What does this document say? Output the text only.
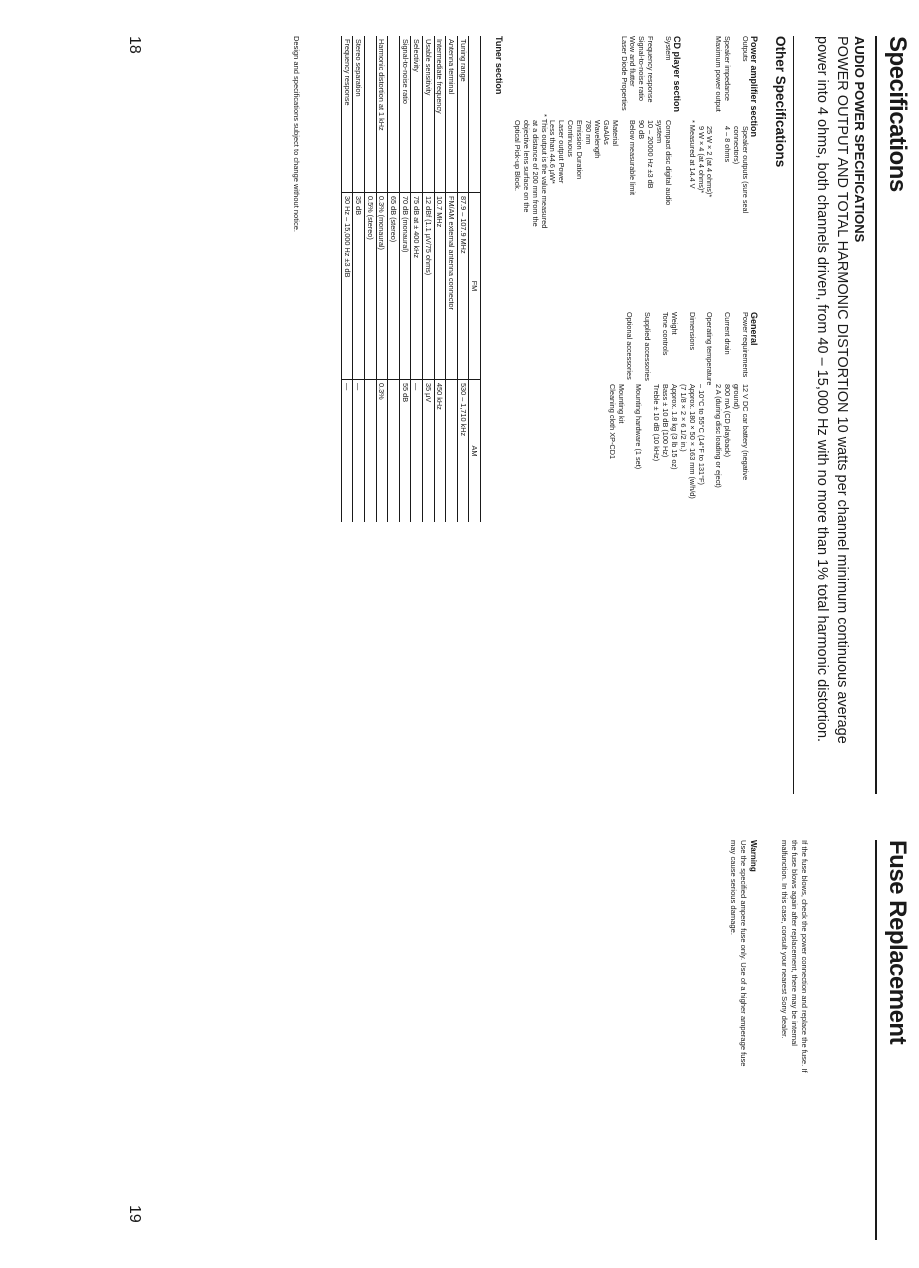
Specifications
AUDIO POWER SPECIFICATIONS
POWER OUTPUT AND TOTAL HARMONIC DISTORTION 10 watts per channel minimum continuous average power into 4 ohms, both channels driven, from 40 – 15,000 Hz with no more than 1% total harmonic distortion.
Other Specifications
Power amplifier section
Outputs
Speaker outputs (sure seal
connectors)
Speaker impedance
4 – 8 ohms
Maximum power output
25 W × 2 (at 4 ohms)*
9 W × 4 (at 4 ohms)*
* Measured at 14.4 V
CD player section
System
Compact disc digital audio
system
Frequency response
10 – 20000 Hz ±3 dB
Signal-to-noise ratio
90 dB
Wow and flutter
Below measurable limit
Laser Diode Properties
Material
GaAlAs
Wavelength
780 nm
Emission Duration
Continuous
Laser output Power
Less than 44.6 µW*
* This output is the value measured
at a distance of 200 mm from the
objective lens surface on the
Optical Pick-up Block.
General
Power requirements
12 V DC car battery (negative
ground)
Current drain
800 mA (CD playback)
2 A (during disc loading or eject)
Operating temperature
– 10°C to 55°C (14°F to 131°F)
Dimensions
Approx. 180 × 50 × 163 mm (w/h/d)
(7 1/8 × 2 × 6 1/2 in.)
Weight
Approx. 1.8 kg (3 lb 15 oz)
Tone controls
Bass ± 10 dB (100 Hz)
Treble ± 10 dB (10 kHz)
Supplied accessories
Mounting hardware (1 set)
Optional accessories
Mounting kit
Cleaning cloth XP-CD1
Tuner section
	FM	AM
Tuning range	87.9 – 107.9 MHz	530 – 1,710 kHz
Antenna terminal	FM/AM external antenna connector	
Intermediate frequency	10.7 MHz	450 kHz
Usable sensitivity	12 dBf (1.1 µV/75 ohms)	35 µV
Selectivity	75 dB at ± 400 kHz	—
Signal-to-noise ratio	70 dB (monaural)	55 dB
	65 dB (stereo)	
Harmonic distortion at 1 kHz	0.3% (monaural)	0.3%
	0.5% (stereo)	
Stereo separation	35 dB	—
Frequency response	30 Hz – 15,000 Hz ±3 dB	—
Design and specifications subject to change without notice.
18
Fuse Replacement
If the fuse blows, check the power connection and replace the fuse. If the fuse blows again after replacement, there may be internal malfunction. In this case, consult your nearest Sony dealer.
Warning
Use the specified ampere fuse only. Use of a higher amperage fuse may cause serious damage.
19
